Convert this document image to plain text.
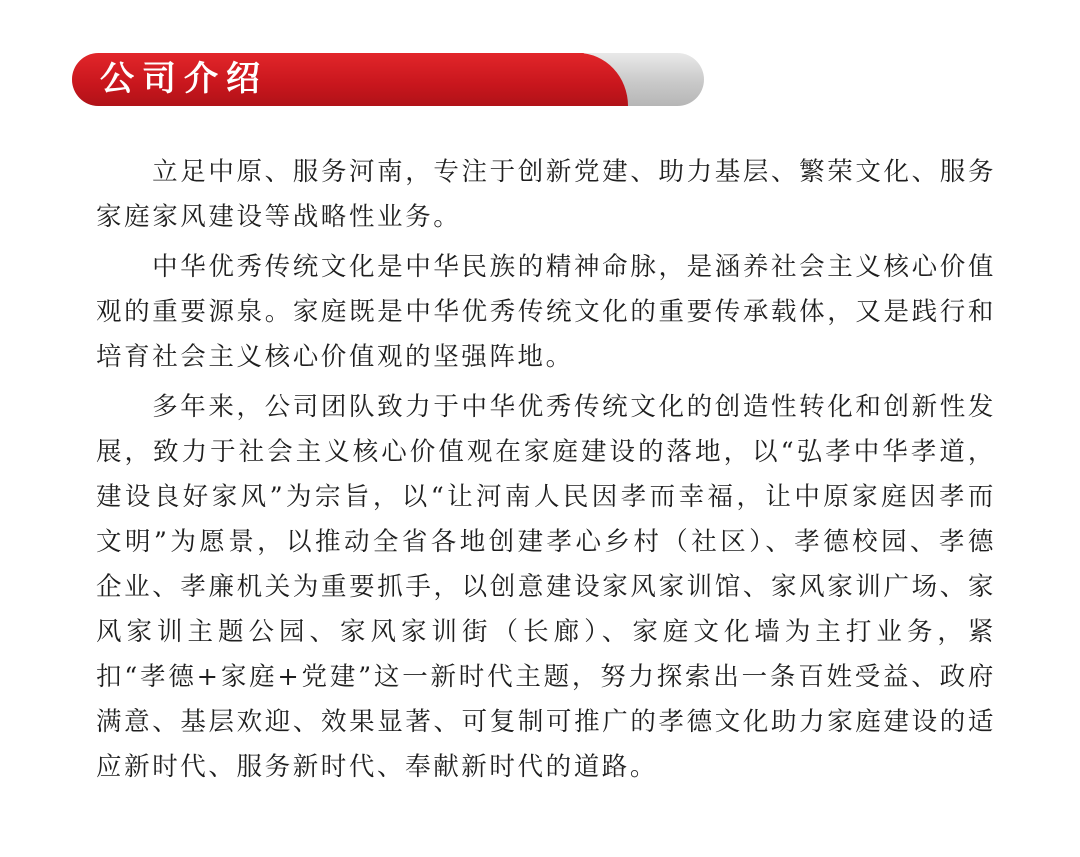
公司介绍

立足中原、服务河南，专注于创新党建、助力基层、繁荣文化、服务家庭家风建设等战略性业务。

中华优秀传统文化是中华民族的精神命脉，是涵养社会主义核心价值观的重要源泉。家庭既是中华优秀传统文化的重要传承载体，又是践行和培育社会主义核心价值观的坚强阵地。

多年来，公司团队致力于中华优秀传统文化的创造性转化和创新性发展，致力于社会主义核心价值观在家庭建设的落地，以“弘孝中华孝道，建设良好家风”为宗旨，以“让河南人民因孝而幸福，让中原家庭因孝而文明”为愿景，以推动全省各地创建孝心乡村（社区）、孝德校园、孝德企业、孝廉机关为重要抓手，以创意建设家风家训馆、家风家训广场、家风家训主题公园、家风家训街（长廊）、家庭文化墙为主打业务，紧扣“孝德+家庭+党建”这一新时代主题，努力探索出一条百姓受益、政府满意、基层欢迎、效果显著、可复制可推广的孝德文化助力家庭建设的适应新时代、服务新时代、奉献新时代的道路。
